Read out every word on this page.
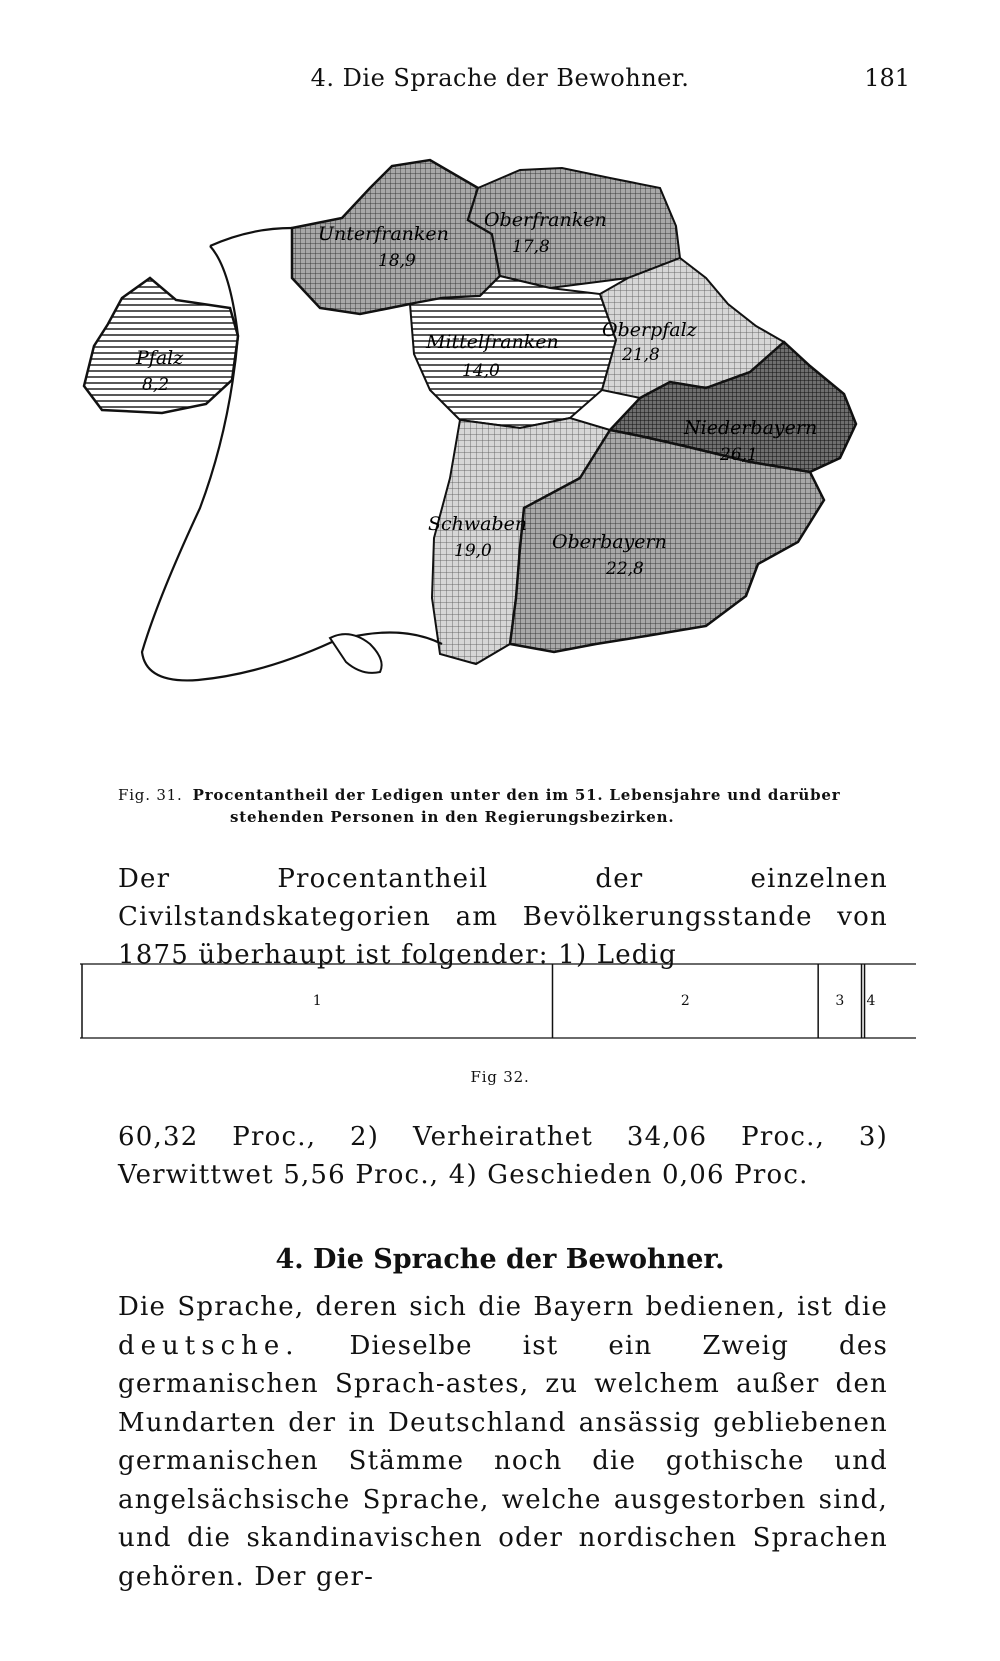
4. Die Sprache der Bewohner.	181
Pfalz
8,2
Unterfranken
18,9
Oberfranken
17,8
Mittelfranken
14,0
Oberpfalz
21,8
Niederbayern
26,1
Schwaben
19,0	Oberbayern
22,8
Fig. 31. Procentantheil der Ledigen unter den im 51. Lebensjahre und darüber
stehenden Personen in den Regierungsbezirken.
Der Procentantheil der einzelnen Civilstandskategorien am Bevölkerungsstande von 1875 überhaupt ist folgender: 1) Ledig
1	2	3 4
Fig 32.
60,32 Proc., 2) Verheirathet 34,06 Proc., 3) Verwittwet 5,56 Proc., 4) Geschieden 0,06 Proc.
4. Die Sprache der Bewohner.
Die Sprache, deren sich die Bayern bedienen, ist die deutsche. Dieselbe ist ein Zweig des germanischen Sprach-astes, zu welchem außer den Mundarten der in Deutschland ansässig gebliebenen germanischen Stämme noch die gothische und angelsächsische Sprache, welche ausgestorben sind, und die skandinavischen oder nordischen Sprachen gehören. Der ger-
